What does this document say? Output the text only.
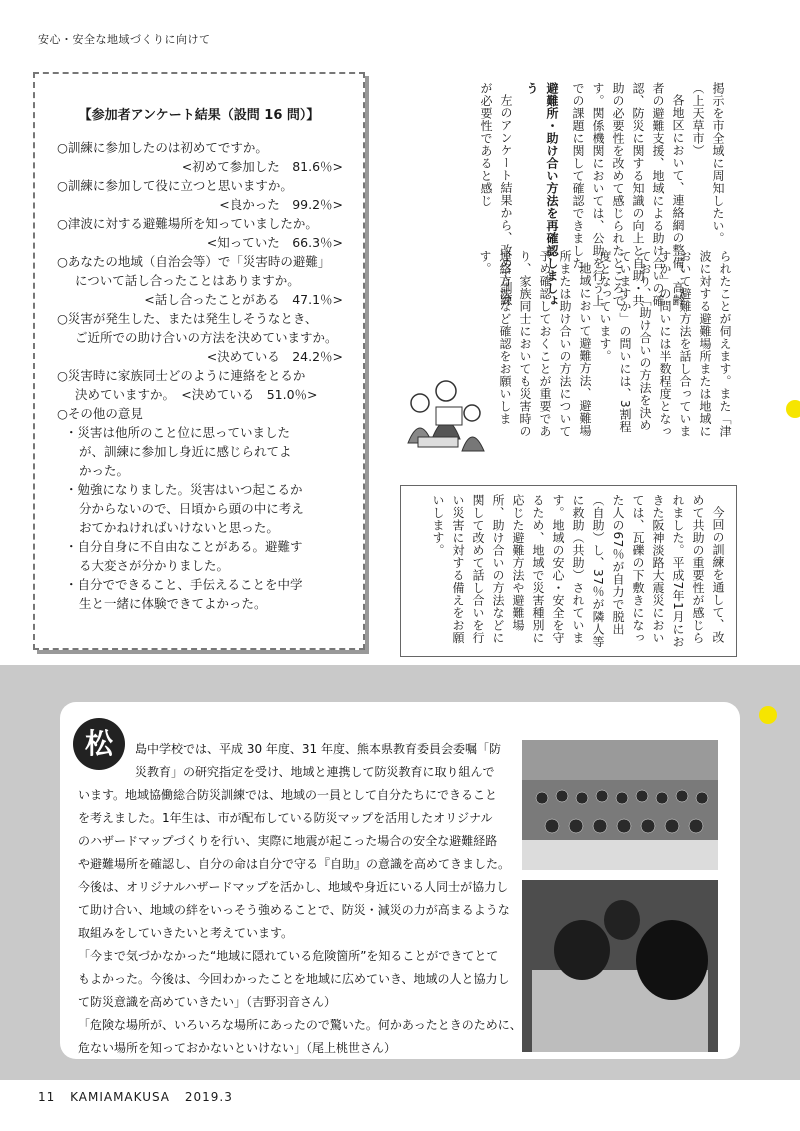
安心・安全な地域づくりに向けて
【参加者アンケート結果（設問 16 問）】
○訓練に参加したのは初めてですか。
<初めて参加した　81.6％>
○訓練に参加して役に立つと思いますか。
<良かった　99.2％>
○津波に対する避難場所を知っていましたか。
<知っていた　66.3％>
○あなたの地域（自治会等）で「災害時の避難」
について話し合ったことはありますか。
<話し合ったことがある　47.1％>
○災害が発生した、または発生しそうなとき、
ご近所での助け合いの方法を決めていますか。
<決めている　24.2％>
○災害時に家族同士どのように連絡をとるか
決めていますか。　<決めている　51.0％>
○その他の意見
・災害は他所のこと位に思っていました
が、訓練に参加し身近に感じられてよ
かった。
・勉強になりました。災害はいつ起こるか
分からないので、日頃から頭の中に考え
おてかねければいけないと思った。
・自分自身に不自由なことがある。避難す
る大変さが分かりました。
・自分でできること、手伝えることを中学
生と一緒に体験できてよかった。

掲示を市全域に周知したい。

（上天草市）

各地区において、連絡網の整備、高齢者の避難支援、地域による助け合いの確認、防災に関する知識の向上と自助・共助の必要性を改めて感じられたところです。関係機関においては、公助を行う上での課題に関して確認できました。

避難所・助け合い方法を再確認しましょう

左のアンケート結果から、改めて訓練が必要性であると感じ

られたことが伺えます。また「津波に対する避難場所または地域において避難方法を話し合っていますか」の問いには半数程度となっており、「助け合いの方法を決めていますか」の問いには、3割程度となっています。

地域において避難方法、避難場所または助け合いの方法について予め確認しておくことが重要であり、家族同士においても災害時の連絡方法など確認をお願いします。

今回の訓練を通して、改めて共助の重要性が感じられました。平成7年1月におきた阪神淡路大震災においては、瓦礫の下敷きになった人の67％が自力で脱出（自助）し、37％が隣人等に救助（共助）されています。地域の安心・安全を守るため、地域で災害種別に応じた避難方法や避難場所、助け合いの方法などに関して改めて話し合いを行い災害に対する備えをお願いします。
松	島中学校では、平成 30 年度、31 年度、熊本県教育委員会委嘱「防
災教育」の研究指定を受け、地域と連携して防災教育に取り組んで
います。地域協働総合防災訓練では、地域の一員として自分たちにできること
を考えました。1年生は、市が配布している防災マップを活用したオリジナル
のハザードマップづくりを行い、実際に地震が起こった場合の安全な避難経路
や避難場所を確認し、自分の命は自分で守る『自助』の意識を高めてきました。
今後は、オリジナルハザードマップを活かし、地域や身近にいる人同士が協力し
て助け合い、地域の絆をいっそう強めることで、防災・減災の力が高まるような
取組みをしていきたいと考えています。
「今まで気づかなかった“地域に隠れている危険箇所”を知ることができてとて
もよかった。今後は、今回わかったことを地域に広めていき、地域の人と協力し
て防災意識を高めていきたい」（吉野羽音さん）
「危険な場所が、いろいろな場所にあったので驚いた。何かあったときのために、
危ない場所を知っておかないといけない」（尾上桃世さん）
11 KAMIAMAKUSA 2019.3
